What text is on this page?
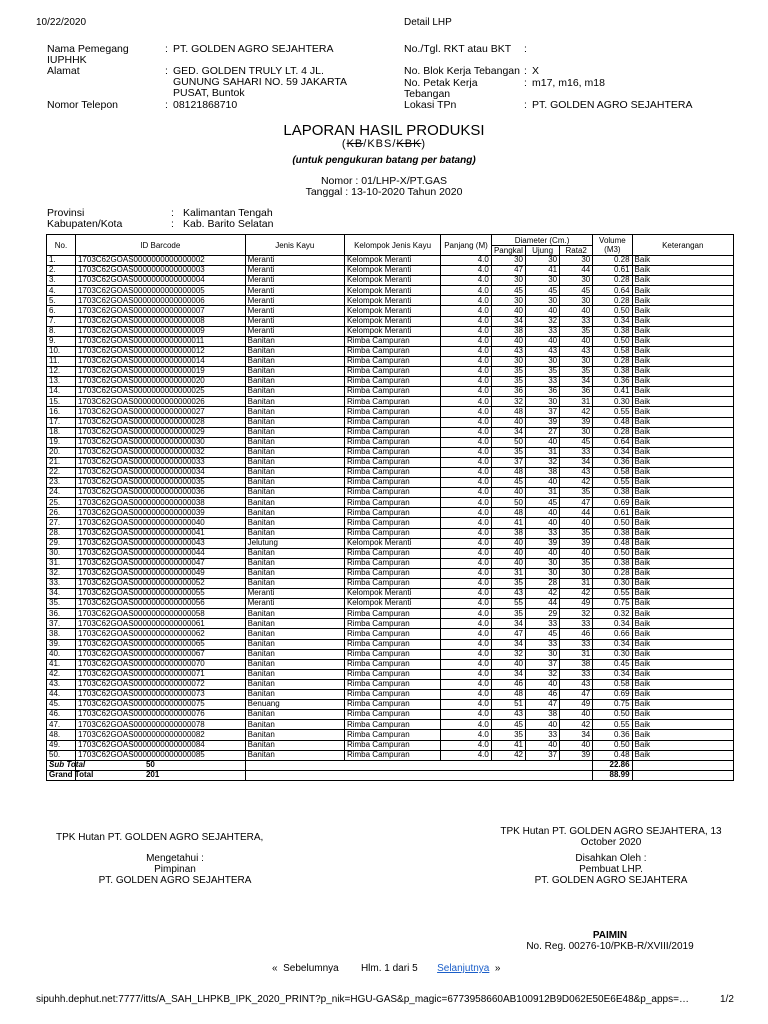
10/22/2020	Detail LHP
Nama Pemegang IUPHHK	:	PT. GOLDEN AGRO SEJAHTERA
Alamat	:	GED. GOLDEN TRULY LT. 4 JL. GUNUNG SAHARI NO. 59 JAKARTA PUSAT, Buntok
Nomor Telepon	:	08121868710
No./Tgl. RKT atau BKT	:	
No. Blok Kerja Tebangan	:	X
No. Petak Kerja Tebangan	:	m17, m16, m18
Lokasi TPn	:	PT. GOLDEN AGRO SEJAHTERA
LAPORAN HASIL PRODUKSI
(KB/KBS/KBK)
(untuk pengukuran batang per batang)
Nomor : 01/LHP-X/PT.GAS
Tanggal : 13-10-2020 Tahun 2020
Provinsi	:	Kalimantan Tengah
Kabupaten/Kota	:	Kab. Barito Selatan
No.	ID Barcode	Jenis Kayu	Kelompok Jenis Kayu	Panjang (M)	Diameter (Cm.)			Volume (M3)	Keterangan
					Pangkal	Ujung	Rata2		
1.	1703C62GOAS0000000000000002	Meranti	Kelompok Meranti	4.0	30	30	30	0.28	Baik
2.	1703C62GOAS0000000000000003	Meranti	Kelompok Meranti	4.0	47	41	44	0.61	Baik
3.	1703C62GOAS0000000000000004	Meranti	Kelompok Meranti	4.0	30	30	30	0.28	Baik
4.	1703C62GOAS0000000000000005	Meranti	Kelompok Meranti	4.0	45	45	45	0.64	Baik
5.	1703C62GOAS0000000000000006	Meranti	Kelompok Meranti	4.0	30	30	30	0.28	Baik
6.	1703C62GOAS0000000000000007	Meranti	Kelompok Meranti	4.0	40	40	40	0.50	Baik
7.	1703C62GOAS0000000000000008	Meranti	Kelompok Meranti	4.0	34	32	33	0.34	Baik
8.	1703C62GOAS0000000000000009	Meranti	Kelompok Meranti	4.0	38	33	35	0.38	Baik
9.	1703C62GOAS0000000000000011	Banitan	Rimba Campuran	4.0	40	40	40	0.50	Baik
10.	1703C62GOAS0000000000000012	Banitan	Rimba Campuran	4.0	43	43	43	0.58	Baik
11.	1703C62GOAS0000000000000014	Banitan	Rimba Campuran	4.0	30	30	30	0.28	Baik
12.	1703C62GOAS0000000000000019	Banitan	Rimba Campuran	4.0	35	35	35	0.38	Baik
13.	1703C62GOAS0000000000000020	Banitan	Rimba Campuran	4.0	35	33	34	0.36	Baik
14.	1703C62GOAS0000000000000025	Banitan	Rimba Campuran	4.0	36	36	36	0.41	Baik
15.	1703C62GOAS0000000000000026	Banitan	Rimba Campuran	4.0	32	30	31	0.30	Baik
16.	1703C62GOAS0000000000000027	Banitan	Rimba Campuran	4.0	48	37	42	0.55	Baik
17.	1703C62GOAS0000000000000028	Banitan	Rimba Campuran	4.0	40	39	39	0.48	Baik
18.	1703C62GOAS0000000000000029	Banitan	Rimba Campuran	4.0	34	27	30	0.28	Baik
19.	1703C62GOAS0000000000000030	Banitan	Rimba Campuran	4.0	50	40	45	0.64	Baik
20.	1703C62GOAS0000000000000032	Banitan	Rimba Campuran	4.0	35	31	33	0.34	Baik
21.	1703C62GOAS0000000000000033	Banitan	Rimba Campuran	4.0	37	32	34	0.36	Baik
22.	1703C62GOAS0000000000000034	Banitan	Rimba Campuran	4.0	48	38	43	0.58	Baik
23.	1703C62GOAS0000000000000035	Banitan	Rimba Campuran	4.0	45	40	42	0.55	Baik
24.	1703C62GOAS0000000000000036	Banitan	Rimba Campuran	4.0	40	31	35	0.38	Baik
25.	1703C62GOAS0000000000000038	Banitan	Rimba Campuran	4.0	50	45	47	0.69	Baik
26.	1703C62GOAS0000000000000039	Banitan	Rimba Campuran	4.0	48	40	44	0.61	Baik
27.	1703C62GOAS0000000000000040	Banitan	Rimba Campuran	4.0	41	40	40	0.50	Baik
28.	1703C62GOAS0000000000000041	Banitan	Rimba Campuran	4.0	38	33	35	0.38	Baik
29.	1703C62GOAS0000000000000043	Jelutung	Kelompok Meranti	4.0	40	39	39	0.48	Baik
30.	1703C62GOAS0000000000000044	Banitan	Rimba Campuran	4.0	40	40	40	0.50	Baik
31.	1703C62GOAS0000000000000047	Banitan	Rimba Campuran	4.0	40	30	35	0.38	Baik
32.	1703C62GOAS0000000000000049	Banitan	Rimba Campuran	4.0	31	30	30	0.28	Baik
33.	1703C62GOAS0000000000000052	Banitan	Rimba Campuran	4.0	35	28	31	0.30	Baik
34.	1703C62GOAS0000000000000055	Meranti	Kelompok Meranti	4.0	43	42	42	0.55	Baik
35.	1703C62GOAS0000000000000056	Meranti	Kelompok Meranti	4.0	55	44	49	0.75	Baik
36.	1703C62GOAS0000000000000058	Banitan	Rimba Campuran	4.0	35	29	32	0.32	Baik
37.	1703C62GOAS0000000000000061	Banitan	Rimba Campuran	4.0	34	33	33	0.34	Baik
38.	1703C62GOAS0000000000000062	Banitan	Rimba Campuran	4.0	47	45	46	0.66	Baik
39.	1703C62GOAS0000000000000065	Banitan	Rimba Campuran	4.0	34	33	33	0.34	Baik
40.	1703C62GOAS0000000000000067	Banitan	Rimba Campuran	4.0	32	30	31	0.30	Baik
41.	1703C62GOAS0000000000000070	Banitan	Rimba Campuran	4.0	40	37	38	0.45	Baik
42.	1703C62GOAS0000000000000071	Banitan	Rimba Campuran	4.0	34	32	33	0.34	Baik
43.	1703C62GOAS0000000000000072	Banitan	Rimba Campuran	4.0	46	40	43	0.58	Baik
44.	1703C62GOAS0000000000000073	Banitan	Rimba Campuran	4.0	48	46	47	0.69	Baik
45.	1703C62GOAS0000000000000075	Benuang	Rimba Campuran	4.0	51	47	49	0.75	Baik
46.	1703C62GOAS0000000000000076	Banitan	Rimba Campuran	4.0	43	38	40	0.50	Baik
47.	1703C62GOAS0000000000000078	Banitan	Rimba Campuran	4.0	45	40	42	0.55	Baik
48.	1703C62GOAS0000000000000082	Banitan	Rimba Campuran	4.0	35	33	34	0.36	Baik
49.	1703C62GOAS0000000000000084	Banitan	Rimba Campuran	4.0	41	40	40	0.50	Baik
50.	1703C62GOAS0000000000000085	Banitan	Rimba Campuran	4.0	42	37	39	0.48	Baik
Sub Total	50							22.86	
Grand Total	201							88.99	
TPK Hutan PT. GOLDEN AGRO SEJAHTERA,
Mengetahui :
Pimpinan
PT. GOLDEN AGRO SEJAHTERA
TPK Hutan PT. GOLDEN AGRO SEJAHTERA, 13 October 2020
Disahkan Oleh :
Pembuat LHP.
PT. GOLDEN AGRO SEJAHTERA
PAIMIN
No. Reg. 00276-10/PKB-R/XVIII/2019
« Sebelumnya Hlm. 1 dari 5 Selanjutnya »
sipuhh.dephut.net:7777/itts/A_SAH_LHPKB_IPK_2020_PRINT?p_nik=HGU-GAS&p_magic=6773958660AB100912B9D062E50E6E48&p_apps=…	1/2
